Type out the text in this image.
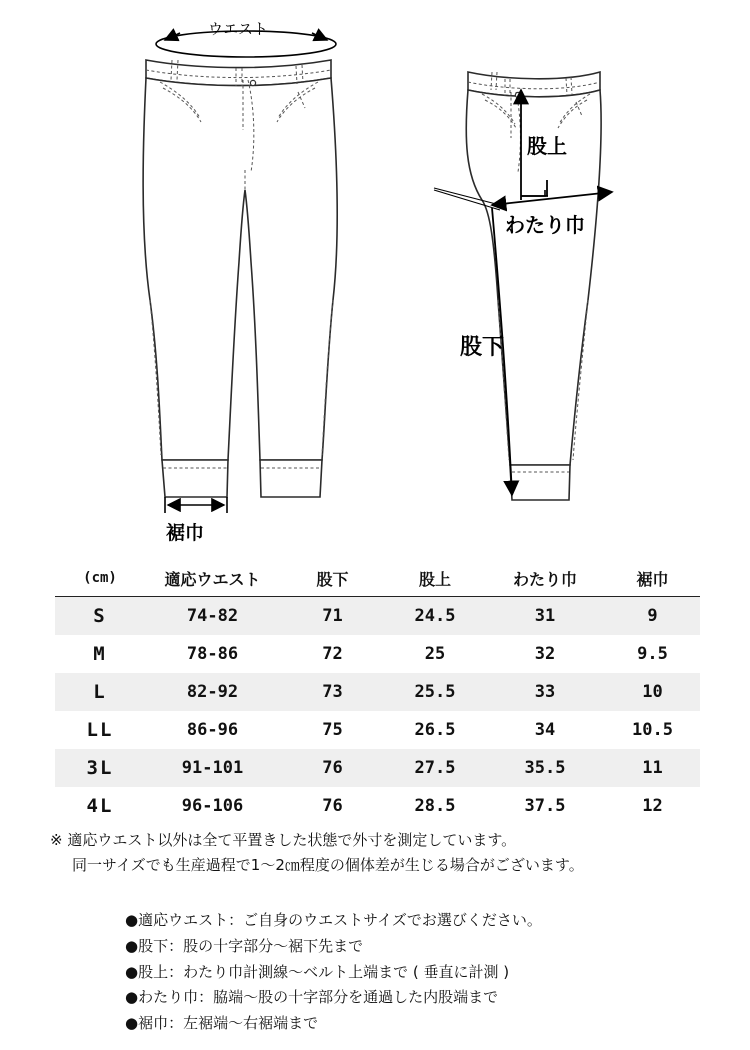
ウエスト
股上
わたり巾
股下
裾巾
(cm)	適応ウエスト	股下	股上	わたり巾	裾巾
S	74-82	71	24.5	31	9
M	78-86	72	25	32	9.5
L	82-92	73	25.5	33	10
LL	86-96	75	26.5	34	10.5
3L	91-101	76	27.5	35.5	11
4L	96-106	76	28.5	37.5	12
※ 適応ウエスト以外は全て平置きした状態で外寸を測定しています。
同一サイズでも生産過程で1〜2㎝程度の個体差が生じる場合がございます。
●適応ウエスト：ご自身のウエストサイズでお選びください。
●股下：股の十字部分〜裾下先まで
●股上：わたり巾計測線〜ベルト上端まで ( 垂直に計測 )
●わたり巾：脇端〜股の十字部分を通過した内股端まで
●裾巾：左裾端〜右裾端まで
